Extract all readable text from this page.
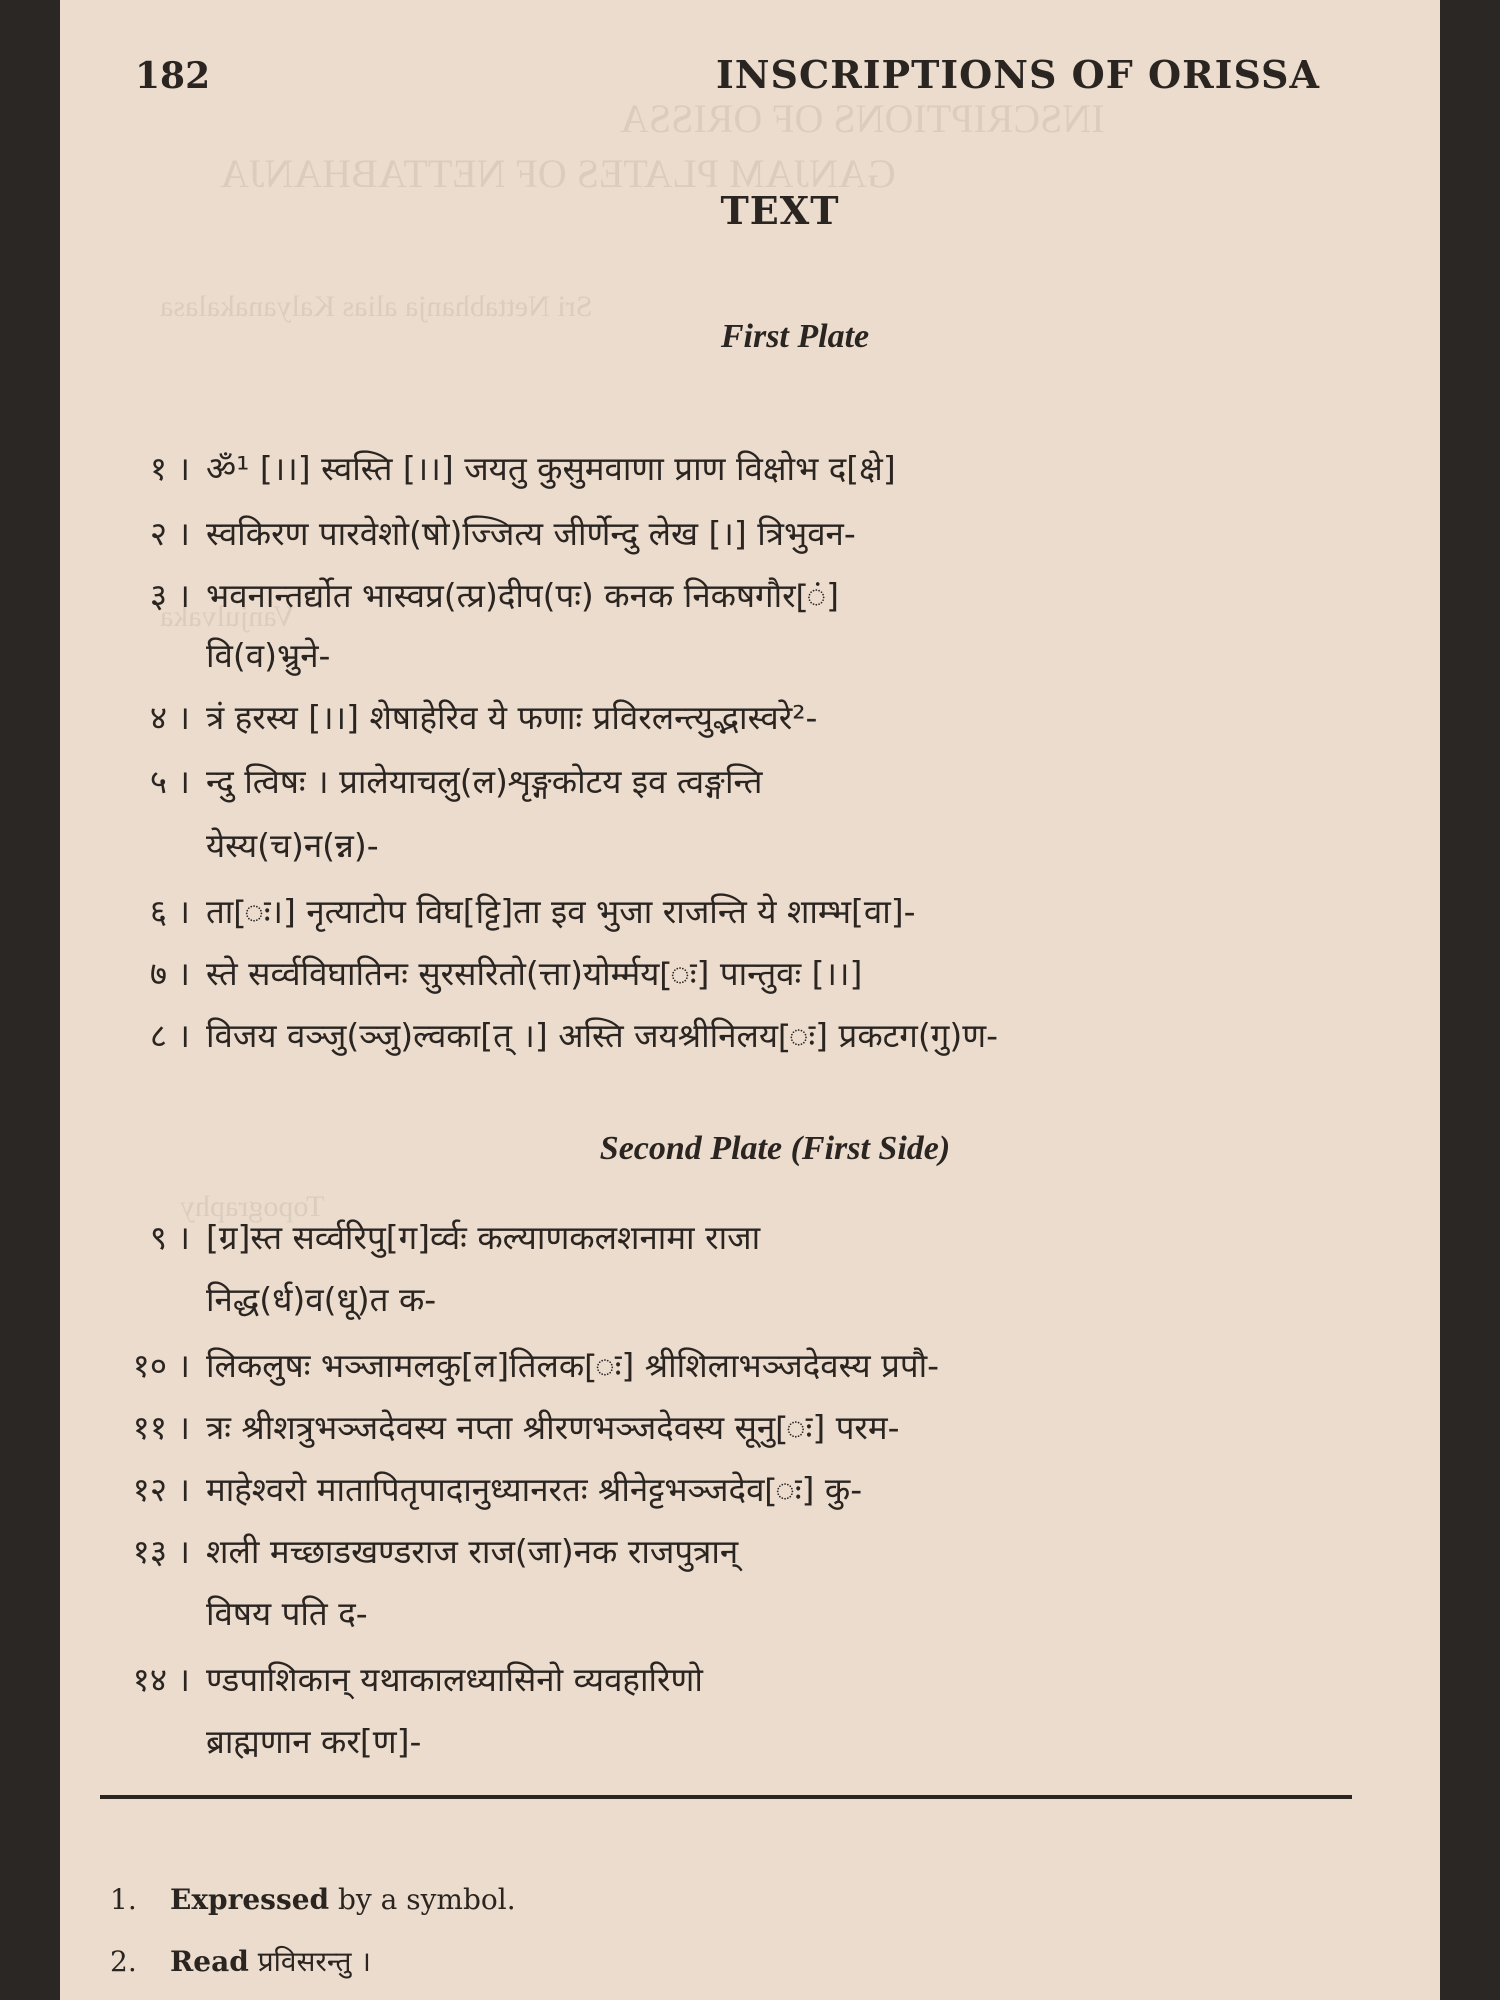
INSCRIPTIONS OF ORISSA
GANJAM PLATES OF NETTABHANJA
Sri Nettabhanja alias Kalyanakalasa
Vanjulvaka
Topography
182	INSCRIPTIONS OF ORISSA
TEXT
First Plate
१ । ॐ¹ [।।] स्वस्ति [।।] जयतु कुसुमवाणा प्राण विक्षोभ द[क्षे]
२ । स्वकिरण पारवेशो(षो)ज्जित्य जीर्णेन्दु लेख [।] त्रिभुवन-
३ । भवनान्तर्द्योत भास्वप्र(त्प्र)दीप(पः) कनक निकषगौर[ं]
वि(व)भ्रुने-
४ । त्रं हरस्य [।।] शेषाहेरिव ये फणाः प्रविरलन्त्युद्भास्वरे²-
५ । न्दु त्विषः । प्रालेयाचलु(ल)शृङ्गकोटय इव त्वङ्गन्ति
येस्य(च)न(न्न)-
६ । ता[ः।] नृत्याटोप विघ[ट्टि]ता इव भुजा राजन्ति ये शाम्भ[वा]-
७ । स्ते सर्व्वविघातिनः सुरसरितो(त्ता)योर्म्मय[ः] पान्तुवः [।।]
८ । विजय वञ्जु(ञ्जु)ल्वका[त् ।] अस्ति जयश्रीनिलय[ः] प्रकटग(गु)ण-
Second Plate (First Side)
९ । [ग्र]स्त सर्व्वरिपु[ग]र्व्वः कल्याणकलशनामा राजा
निद्ध(र्ध)व(धू)त क-
१० । लिकलुषः भञ्जामलकु[ल]तिलक[ः] श्रीशिलाभञ्जदेवस्य प्रपौ-
११ । त्रः श्रीशत्रुभञ्जदेवस्य नप्ता श्रीरणभञ्जदेवस्य सूनु[ः] परम-
१२ । माहेश्वरो मातापितृपादानुध्यानरतः श्रीनेट्टभञ्जदेव[ः] कु-
१३ । शली मच्छाडखण्डराज राज(जा)नक राजपुत्रान्
विषय पति द-
१४ । ण्डपाशिकान् यथाकालध्यासिनो व्यवहारिणो
ब्राह्मणान कर[ण]-
1. Expressed by a symbol.
2. Read प्रविसरन्तु ।
